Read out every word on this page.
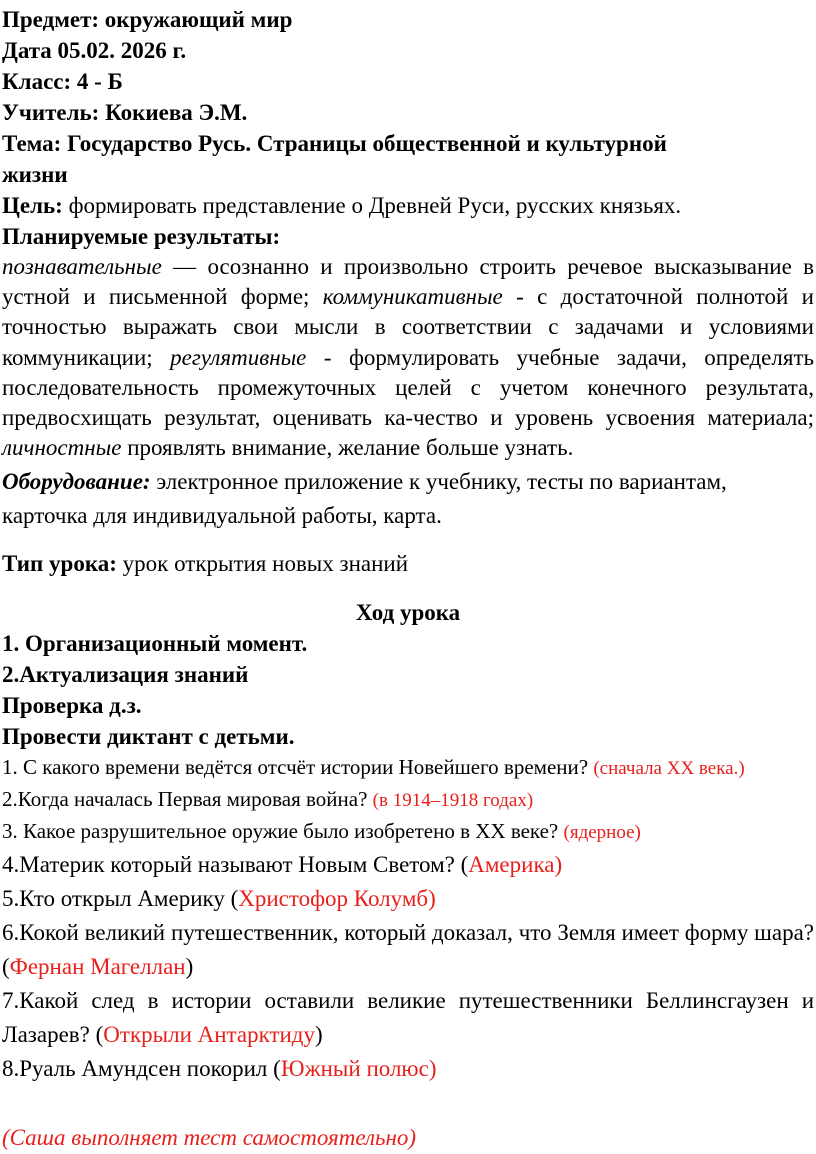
Предмет: окружающий мир
Дата 05.02. 2026 г.
Класс: 4 - Б
Учитель: Кокиева Э.М.
Тема: Государство Русь. Страницы общественной и культурной
жизни
Цель: формировать представление о Древней Руси, русских князьях.
Планируемые результаты:
познавательные — осознанно и произвольно строить речевое высказывание в устной и письменной форме; коммуникативные - с достаточной полнотой и точностью выражать свои мысли в соответствии с задачами и условиями коммуникации; регулятивные - формулировать учебные задачи, определять последовательность промежуточных целей с учетом конечного результата, предвосхищать результат, оценивать ка-чество и уровень усвоения материала; личностные проявлять внимание, желание больше узнать.
Оборудование: электронное приложение к учебнику, тесты по вариантам,
карточка для индивидуальной работы, карта.
Тип урока: урок открытия новых знаний
Ход урока
1. Организационный момент.
2.Актуализация знаний
Проверка д.з.
Провести диктант с детьми.
1. С какого времени ведётся отсчёт истории Новейшего времени? (сначала XX века.)
2.Когда началась Первая мировая война? (в 1914–1918 годах)
3. Какое разрушительное оружие было изобретено в XX веке? (ядерное)
4.Материк который называют Новым Светом? (Америка)
5.Кто открыл Америку (Христофор Колумб)
6.Кокой великий путешественник, который доказал, что Земля имеет форму шара? (Фернан Магеллан)
7.Какой след в истории оставили великие путешественники Беллинсгаузен и Лазарев? (Открыли Антарктиду)
8.Руаль Амундсен покорил (Южный полюс)
(Саша выполняет тест самостоятельно)
